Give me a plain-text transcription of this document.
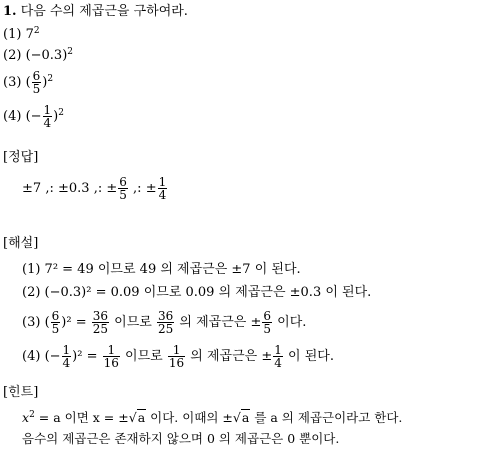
1. 다음 수의 제곱근을 구하여라.
(1) $7^2$
(2) $(-0.3)^2$
(3) ( $\frac{6}{5} )^2$
(4) (− $\frac{1}{4} )^2$
[정답]
±7 ,: ±0.3 ,: ± $\frac{6}{5}$ ,: ± $\frac{1}{4}$
[해설]
(1) 7² = 49 이므로 49 의 제곱근은 ±7 이 된다.
(2) (−0.3)² = 0.09 이므로 0.09 의 제곱근은 ±0.3 이 된다.
(3) ( $\frac{6}{5} )^2 = \frac{36}{25}$ 이므로 $\frac{36}{25}$ 의 제곱근은 ± $\frac{6}{5}$ 이다.
(4) (− $\frac{1}{4} )^2 = \frac{1}{16}$ 이므로 $\frac{1}{16}$ 의 제곱근은 ± $\frac{1}{4}$ 이 된다.
[힌트]
$x^2 = a$ 이면 x = ±√a 이다. 이때의 ±√a 를 a 의 제곱근이라고 한다.
음수의 제곱근은 존재하지 않으며 0 의 제곱근은 0 뿐이다.
